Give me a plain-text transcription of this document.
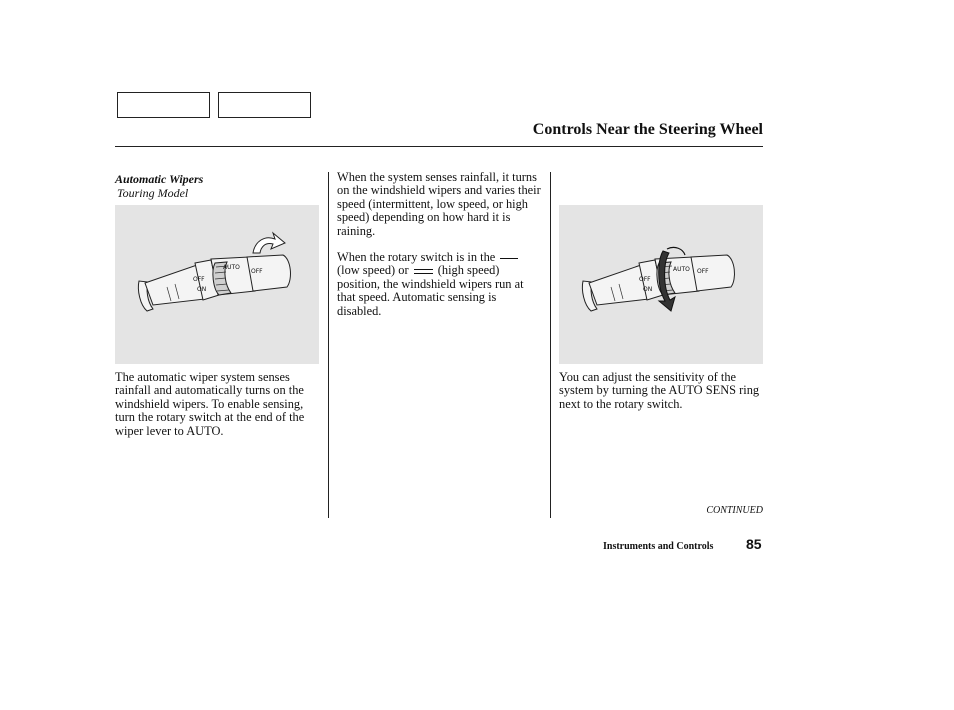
Controls Near the Steering Wheel
Automatic Wipers
Touring Model
AUTO
OFF
OFF
ON
AUTO OFF
OFF
ON

The automatic wiper system senses rainfall and automatically turns on the windshield wipers. To enable sensing, turn the rotary switch at the end of the wiper lever to AUTO.

When the system senses rainfall, it turns on the windshield wipers and varies their speed (intermittent, low speed, or high speed) depending on how hard it is raining.

When the rotary switch is in the  (low speed) or (high speed) position, the windshield wipers run at that speed. Automatic sensing is disabled.

You can adjust the sensitivity of the system by turning the AUTO SENS ring next to the rotary switch.

CONTINUED
Instruments and Controls 85
